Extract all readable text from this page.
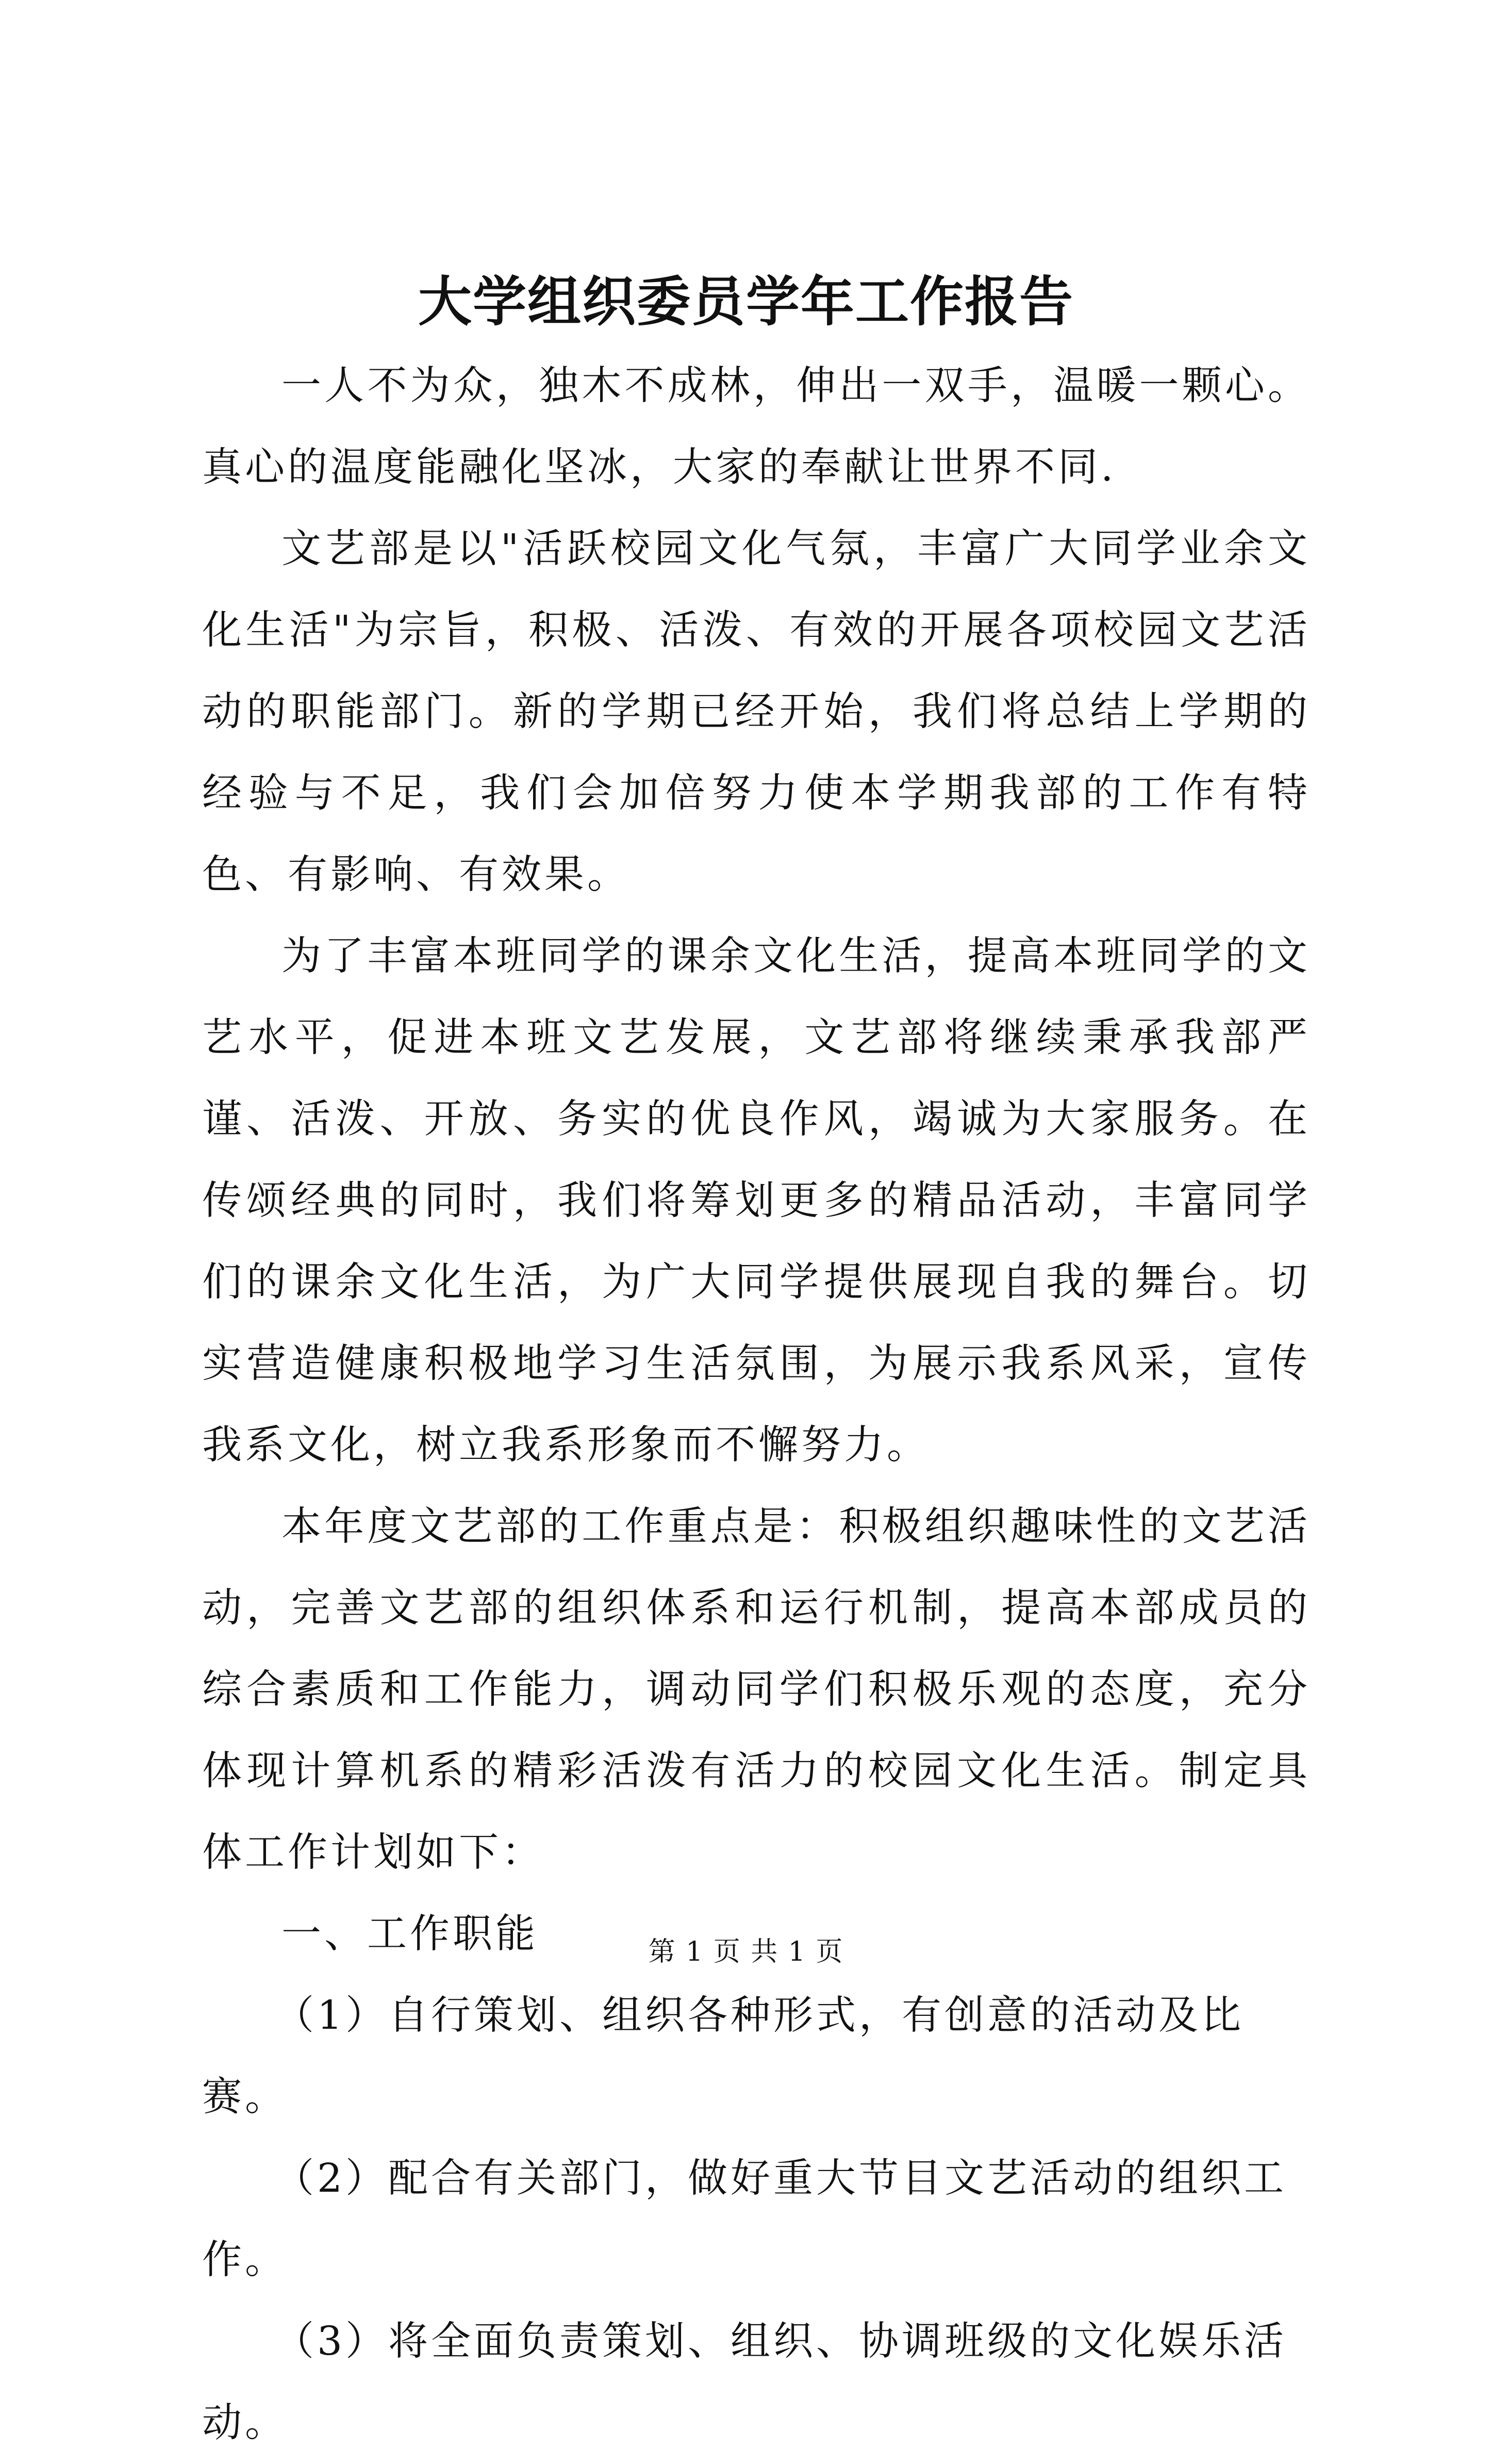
大学组织委员学年工作报告

一人不为众，独木不成林，伸出一双手，温暖一颗心。真心的温度能融化坚冰，大家的奉献让世界不同.

文艺部是以"活跃校园文化气氛，丰富广大同学业余文化生活"为宗旨，积极、活泼、有效的开展各项校园文艺活动的职能部门。新的学期已经开始，我们将总结上学期的经验与不足，我们会加倍努力使本学期我部的工作有特色、有影响、有效果。

为了丰富本班同学的课余文化生活，提高本班同学的文艺水平，促进本班文艺发展，文艺部将继续秉承我部严谨、活泼、开放、务实的优良作风，竭诚为大家服务。在传颂经典的同时，我们将筹划更多的精品活动，丰富同学们的课余文化生活，为广大同学提供展现自我的舞台。切实营造健康积极地学习生活氛围，为展示我系风采，宣传我系文化，树立我系形象而不懈努力。

本年度文艺部的工作重点是：积极组织趣味性的文艺活动，完善文艺部的组织体系和运行机制，提高本部成员的综合素质和工作能力，调动同学们积极乐观的态度，充分体现计算机系的精彩活泼有活力的校园文化生活。制定具体工作计划如下：

一、工作职能

（1）自行策划、组织各种形式，有创意的活动及比赛。

（2）配合有关部门，做好重大节目文艺活动的组织工作。

（3）将全面负责策划、组织、协调班级的文化娱乐活动。

第 1 页 共 1 页
